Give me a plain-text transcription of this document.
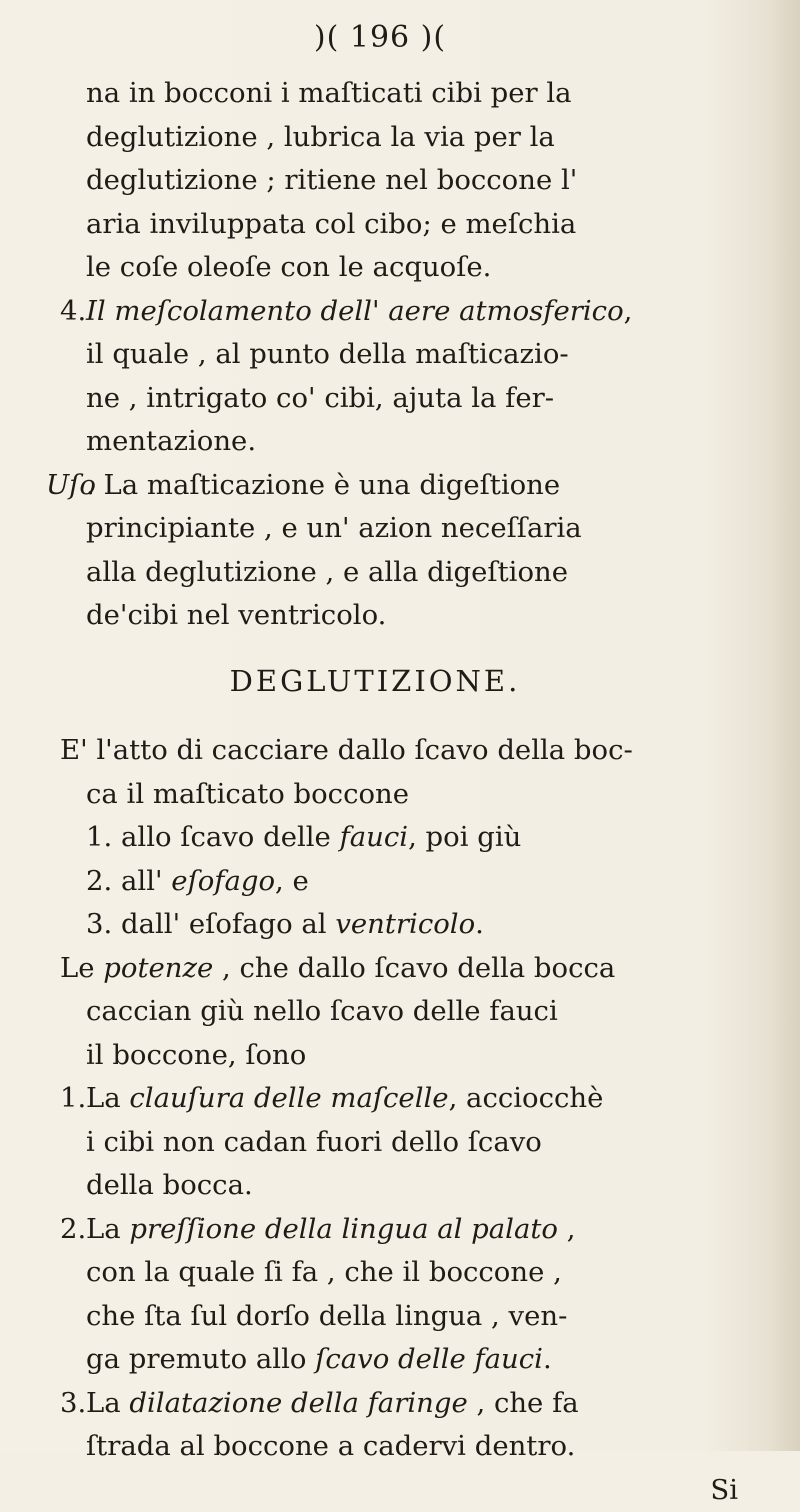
)( 196 )(
na in bocconi i maſticati cibi per la
deglutizione , lubrica la via per la
deglutizione ; ritiene nel boccone l'
aria inviluppata col cibo; e meſchia
le coſe oleoſe con le acquoſe.
4.Il meſcolamento dell' aere atmosferico,
il quale , al punto della maſticazio-
ne , intrigato co' cibi, ajuta la fer-
mentazione.
Uſo. La maſticazione è una digeſtione
principiante , e un' azion neceſſaria
alla deglutizione , e alla digeſtione
de'cibi nel ventricolo.
DEGLUTIZIONE.
E' l'atto di cacciare dallo ſcavo della boc-
ca il maſticato boccone
1. allo ſcavo delle fauci, poi giù
2. all' eſofago, e
3. dall' eſofago al ventricolo.
Le potenze , che dallo ſcavo della bocca
caccian giù nello ſcavo delle fauci
il boccone, ſono
1.La clauſura delle maſcelle, acciocchè
i cibi non cadan fuori dello ſcavo
della bocca.
2.La preſſione della lingua al palato ,
con la quale ſi fa , che il boccone ,
che ſta ſul dorſo della lingua , ven-
ga premuto allo ſcavo delle fauci.
3.La dilatazione della faringe , che fa
ſtrada al boccone a cadervi dentro.
Si
